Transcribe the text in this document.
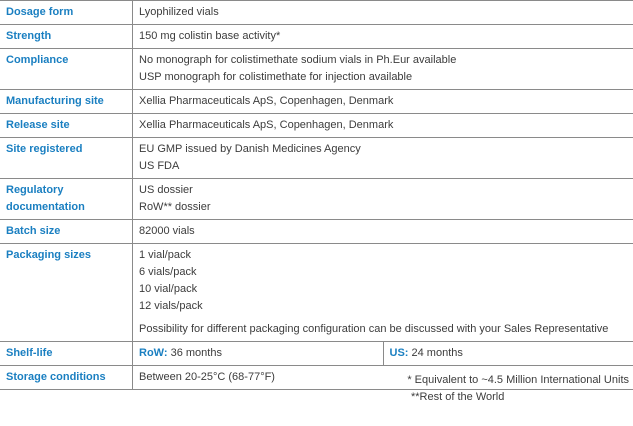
Dosage form	Lyophilized vials

Strength	150 mg colistin base activity*

Compliance	No monograph for colistimethate sodium vials in Ph.Eur available
USP monograph for colistimethate for injection available

Manufacturing site	Xellia Pharmaceuticals ApS, Copenhagen, Denmark

Release site	Xellia Pharmaceuticals ApS, Copenhagen, Denmark

Site registered	EU GMP issued by Danish Medicines Agency
US FDA

Regulatory documentation	US dossier
RoW** dossier

Batch size	82000 vials

Packaging sizes	1 vial/pack
6 vials/pack
10 vial/pack
12 vials/pack
Possibility for different packaging configuration can be discussed with your Sales Representative

Shelf-life	RoW: 36 months US: 24 months

Storage conditions	Between 20-25°C (68-77°F)	* Equivalent to ~4.5 Million International Units
**Rest of the World
